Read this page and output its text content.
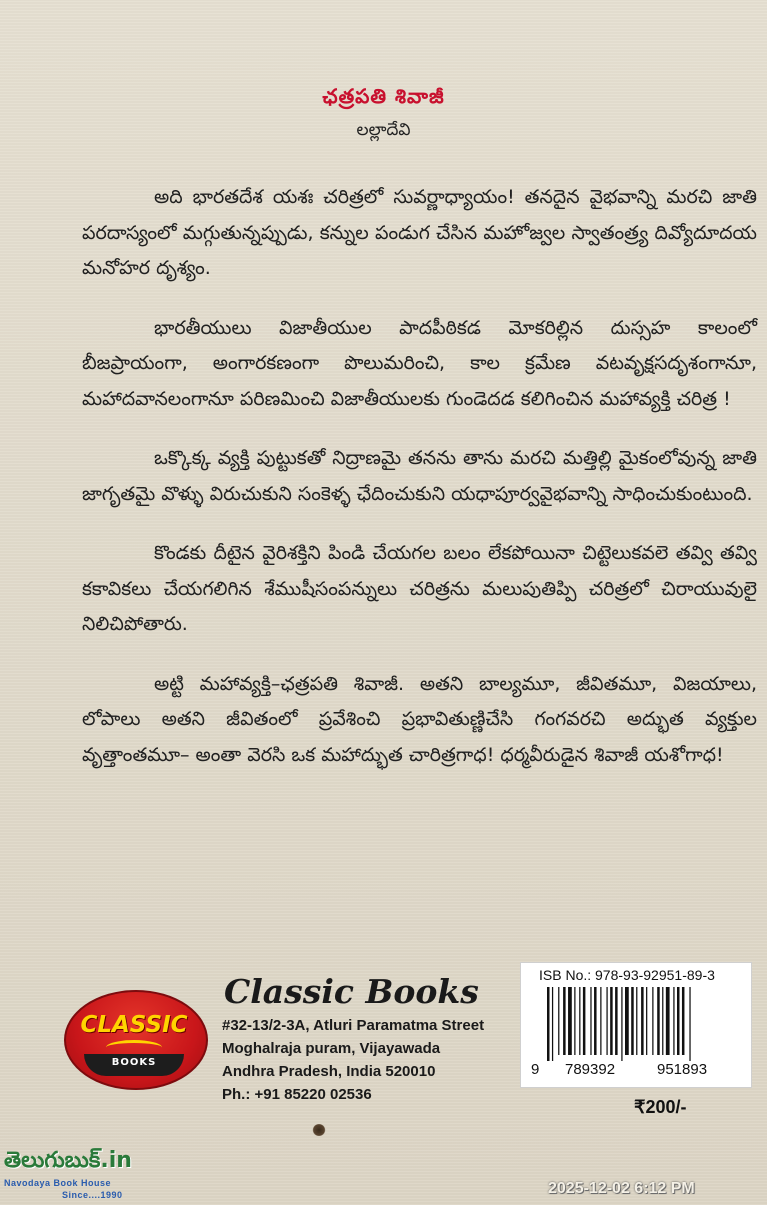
ఛత్రపతి శివాజీ
లల్లాదేవి

అది భారతదేశ యశః చరిత్రలో సువర్ణాధ్యాయం! తనదైన వైభవాన్ని మరచి జాతి పరదాస్యంలో మగ్గుతున్నప్పుడు, కన్నుల పండుగ చేసిన మహోజ్వల స్వాతంత్ర్య దివ్యోదూదయ మనోహర దృశ్యం.

భారతీయులు విజాతీయుల పాదపీఠికడ మోకరిల్లిన దుస్సహ కాలంలో బీజప్రాయంగా, అంగారకణంగా పొలుమరించి, కాల క్రమేణ వటవృక్షసదృశంగానూ, మహాదవానలంగానూ పరిణమించి విజాతీయులకు గుండెదడ కలిగించిన మహావ్యక్తి చరిత్ర !

ఒక్కొక్క వ్యక్తి పుట్టుకతో నిద్రాణమై తనను తాను మరచి మత్తిల్లి మైకంలోవున్న జాతి జాగృతమై వొళ్ళు విరుచుకుని సంకెళ్ళ ఛేదించుకుని యధాపూర్వవైభవాన్ని సాధించుకుంటుంది.

కొండకు దీటైన వైరిశక్తిని పిండి చేయగల బలం లేకపోయినా చిట్టెలుకవలె తవ్వి తవ్వి కకావికలు చేయగలిగిన శేముషీసంపన్నులు చరిత్రను మలుపుతిప్పి చరిత్రలో చిరాయువులై నిలిచిపోతారు.

అట్టి మహావ్యక్తి–ఛత్రపతి శివాజీ. అతని బాల్యమూ, జీవితమూ, విజయాలు, లోపాలు అతని జీవితంలో ప్రవేశించి ప్రభావితుణ్ణిచేసి గంగవరచి అద్భుత వ్యక్తుల వృత్తాంతమూ– అంతా వెరసి ఒక మహాద్భుత చారిత్రగాధ! ధర్మవీరుడైన శివాజీ యశోగాధ!

CLASSIC
BOOKS
Classic Books
#32-13/2-3A, Atluri Paramatma Street
Moghalraja puram, Vijayawada
Andhra Pradesh, India 520010
Ph.: +91 85220 02536
ISB No.: 978-93-92951-89-3
9 789392	951893
₹200/-
తెలుగుబుక్.in
Navodaya Book House
Since....1990	2025-12-02 6:12 PM
